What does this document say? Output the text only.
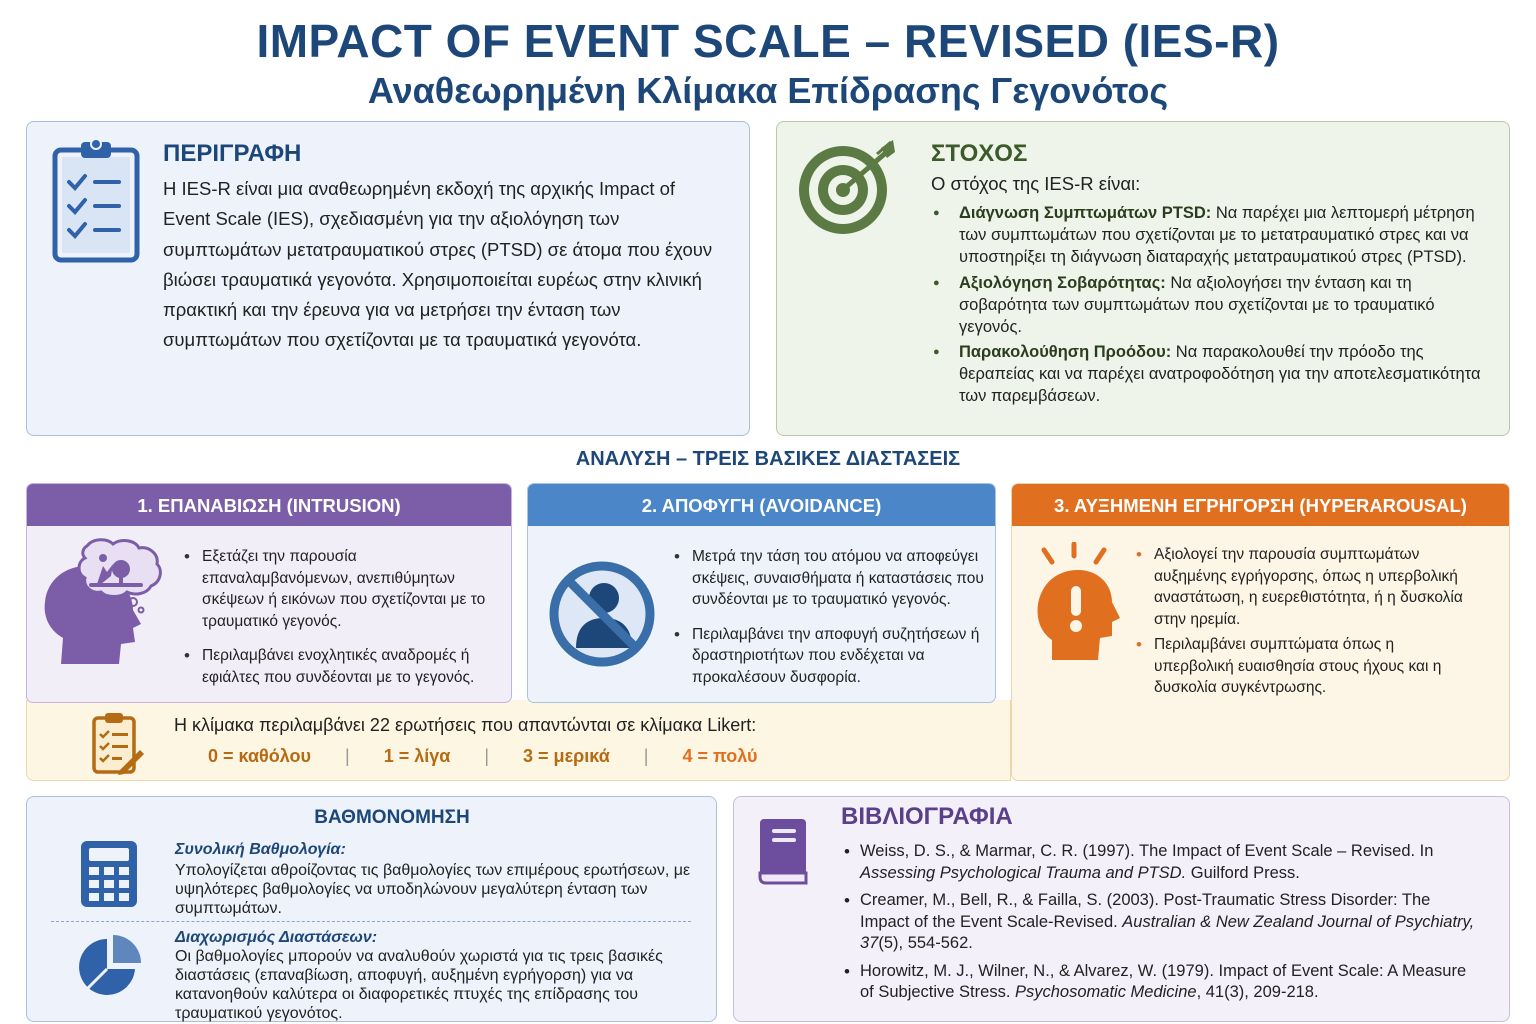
IMPACT OF EVENT SCALE – REVISED (IES-R)
Αναθεωρημένη Κλίμακα Επίδρασης Γεγονότος
ΠΕΡΙΓΡΑΦΗ
Η IES-R είναι μια αναθεωρημένη εκδοχή της αρχικής Impact of Event Scale (IES), σχεδιασμένη για την αξιολόγηση των συμπτωμάτων μετατραυματικού στρες (PTSD) σε άτομα που έχουν βιώσει τραυματικά γεγονότα. Χρησιμοποιείται ευρέως στην κλινική πρακτική και την έρευνα για να μετρήσει την ένταση των συμπτωμάτων που σχετίζονται με τα τραυματικά γεγονότα.
ΣΤΟΧΟΣ
Ο στόχος της IES-R είναι:
● Διάγνωση Συμπτωμάτων PTSD: Να παρέχει μια λεπτομερή μέτρηση των συμπτωμάτων που σχετίζονται με το μετατραυματικό στρες και να υποστηρίξει τη διάγνωση διαταραχής μετατραυματικού στρες (PTSD).
● Αξιολόγηση Σοβαρότητας: Να αξιολογήσει την ένταση και τη σοβαρότητα των συμπτωμάτων που σχετίζονται με το τραυματικό γεγονός.
● Παρακολούθηση Προόδου: Να παρακολουθεί την πρόοδο της θεραπείας και να παρέχει ανατροφοδότηση για την αποτελεσματικότητα των παρεμβάσεων.
ΑΝΑΛΥΣΗ – ΤΡΕΙΣ ΒΑΣΙΚΕΣ ΔΙΑΣΤΑΣΕΙΣ
1. ΕΠΑΝΑΒΙΩΣΗ (INTRUSION)
• Εξετάζει την παρουσία επαναλαμβανόμενων, ανεπιθύμητων σκέψεων ή εικόνων που σχετίζονται με το τραυματικό γεγονός.
• Περιλαμβάνει ενοχλητικές αναδρομές ή εφιάλτες που συνδέονται με το γεγονός.
2. ΑΠΟΦΥΓΗ (AVOIDANCE)
• Μετρά την τάση του ατόμου να αποφεύγει σκέψεις, συναισθήματα ή καταστάσεις που συνδέονται με το τραυματικό γεγονός.
• Περιλαμβάνει την αποφυγή συζητήσεων ή δραστηριοτήτων που ενδέχεται να προκαλέσουν δυσφορία.
3. ΑΥΞΗΜΕΝΗ ΕΓΡΗΓΟΡΣΗ (HYPERAROUSAL)
• Αξιολογεί την παρουσία συμπτωμάτων αυξημένης εγρήγορσης, όπως η υπερβολική αναστάτωση, η ευερεθιστότητα, ή η δυσκολία στην ηρεμία.
• Περιλαμβάνει συμπτώματα όπως η υπερβολική ευαισθησία στους ήχους και η δυσκολία συγκέντρωσης.
Η κλίμακα περιλαμβάνει 22 ερωτήσεις που απαντώνται σε κλίμακα Likert:
0 = καθόλου	|	1 = λίγα	|	3 = μερικά	|	4 = πολύ
ΒΑΘΜΟΝΟΜΗΣΗ
Συνολική Βαθμολογία:
Υπολογίζεται αθροίζοντας τις βαθμολογίες των επιμέρους ερωτήσεων, με υψηλότερες βαθμολογίες να υποδηλώνουν μεγαλύτερη ένταση των συμπτωμάτων.
Διαχωρισμός Διαστάσεων:
Οι βαθμολογίες μπορούν να αναλυθούν χωριστά για τις τρεις βασικές διαστάσεις (επαναβίωση, αποφυγή, αυξημένη εγρήγορση) για να κατανοηθούν καλύτερα οι διαφορετικές πτυχές της επίδρασης του τραυματικού γεγονότος.
ΒΙΒΛΙΟΓΡΑΦΙΑ
• Weiss, D. S., & Marmar, C. R. (1997). The Impact of Event Scale – Revised. In Assessing Psychological Trauma and PTSD. Guilford Press.
• Creamer, M., Bell, R., & Failla, S. (2003). Post-Traumatic Stress Disorder: The Impact of the Event Scale-Revised. Australian & New Zealand Journal of Psychiatry, 37(5), 554-562.
• Horowitz, M. J., Wilner, N., & Alvarez, W. (1979). Impact of Event Scale: A Measure of Subjective Stress. Psychosomatic Medicine, 41(3), 209-218.
